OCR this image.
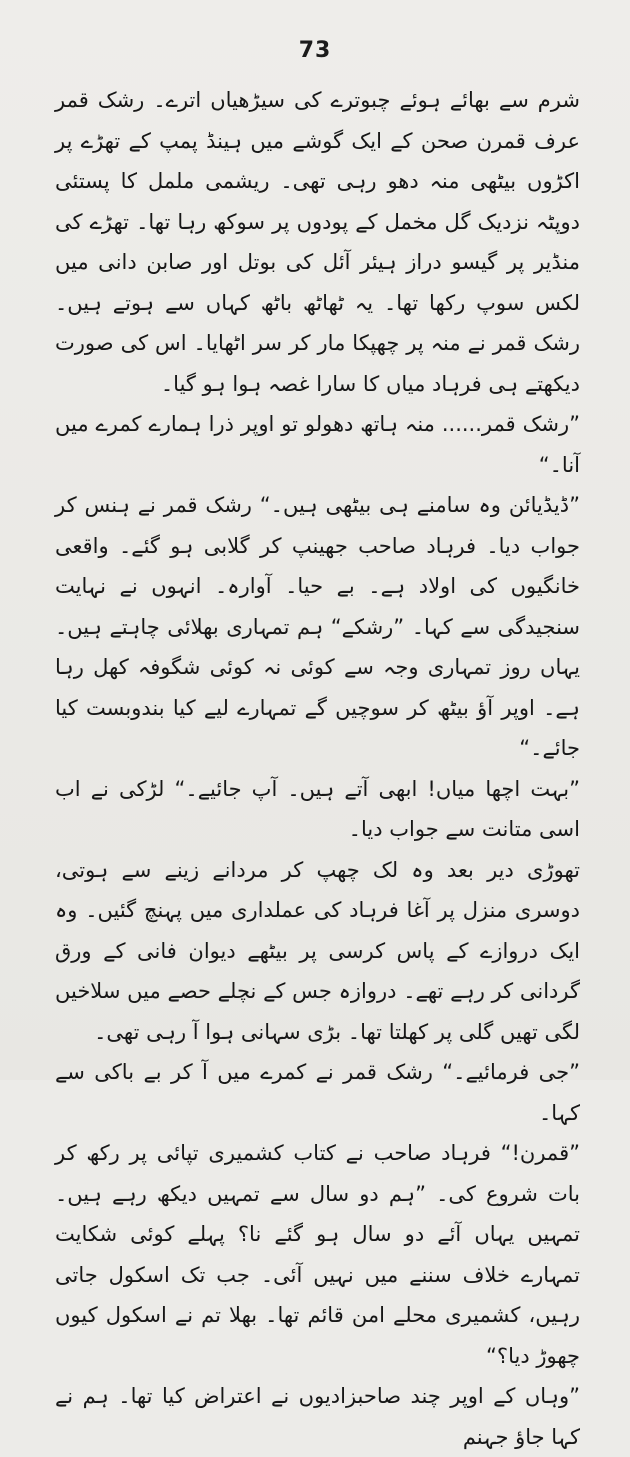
73

شرم سے بھائے ہوئے چبوترے کی سیڑھیاں اترے۔ رشک قمر عرف قمرن صحن کے ایک گوشے میں ہینڈ پمپ کے تھڑے پر اکڑوں بیٹھی منہ دھو رہی تھی۔ ریشمی ململ کا پستئی دوپٹہ نزدیک گل مخمل کے پودوں پر سوکھ رہا تھا۔ تھڑے کی منڈیر پر گیسو دراز ہیئر آئل کی بوتل اور صابن دانی میں لکس سوپ رکھا تھا۔ یہ ٹھاٹھ باٹھ کہاں سے ہوتے ہیں۔ رشک قمر نے منہ پر چھپکا مار کر سر اٹھایا۔ اس کی صورت دیکھتے ہی فرہاد میاں کا سارا غصہ ہوا ہو گیا۔

”رشک قمر...... منہ ہاتھ دھولو تو اوپر ذرا ہمارے کمرے میں آنا۔“

”ڈیڈیائن وہ سامنے ہی بیٹھی ہیں۔“ رشک قمر نے ہنس کر جواب دیا۔ فرہاد صاحب جھینپ کر گلابی ہو گئے۔ واقعی خانگیوں کی اولاد ہے۔ بے حیا۔ آوارہ۔ انہوں نے نہایت سنجیدگی سے کہا۔ ”رشکے“ ہم تمہاری بھلائی چاہتے ہیں۔ یہاں روز تمہاری وجہ سے کوئی نہ کوئی شگوفہ کھل رہا ہے۔ اوپر آؤ بیٹھ کر سوچیں گے تمہارے لیے کیا بندوبست کیا جائے۔“

”بہت اچھا میاں! ابھی آتے ہیں۔ آپ جائیے۔“ لڑکی نے اب اسی متانت سے جواب دیا۔

تھوڑی دیر بعد وہ لک چھپ کر مردانے زینے سے ہوتی، دوسری منزل پر آغا فرہاد کی عملداری میں پہنچ گئیں۔ وہ ایک دروازے کے پاس کرسی پر بیٹھے دیوان فانی کے ورق گردانی کر رہے تھے۔ دروازہ جس کے نچلے حصے میں سلاخیں لگی تھیں گلی پر کھلتا تھا۔ بڑی سہانی ہوا آ رہی تھی۔

”جی فرمائیے۔“ رشک قمر نے کمرے میں آ کر بے باکی سے کہا۔

”قمرن!“ فرہاد صاحب نے کتاب کشمیری تپائی پر رکھ کر بات شروع کی۔ ”ہم دو سال سے تمہیں دیکھ رہے ہیں۔ تمہیں یہاں آئے دو سال ہو گئے نا؟ پہلے کوئی شکایت تمہارے خلاف سننے میں نہیں آئی۔ جب تک اسکول جاتی رہیں، کشمیری محلے امن قائم تھا۔ بھلا تم نے اسکول کیوں چھوڑ دیا؟“

”وہاں کے اوپر چند صاحبزادیوں نے اعتراض کیا تھا۔ ہم نے کہا جاؤ جہنم
